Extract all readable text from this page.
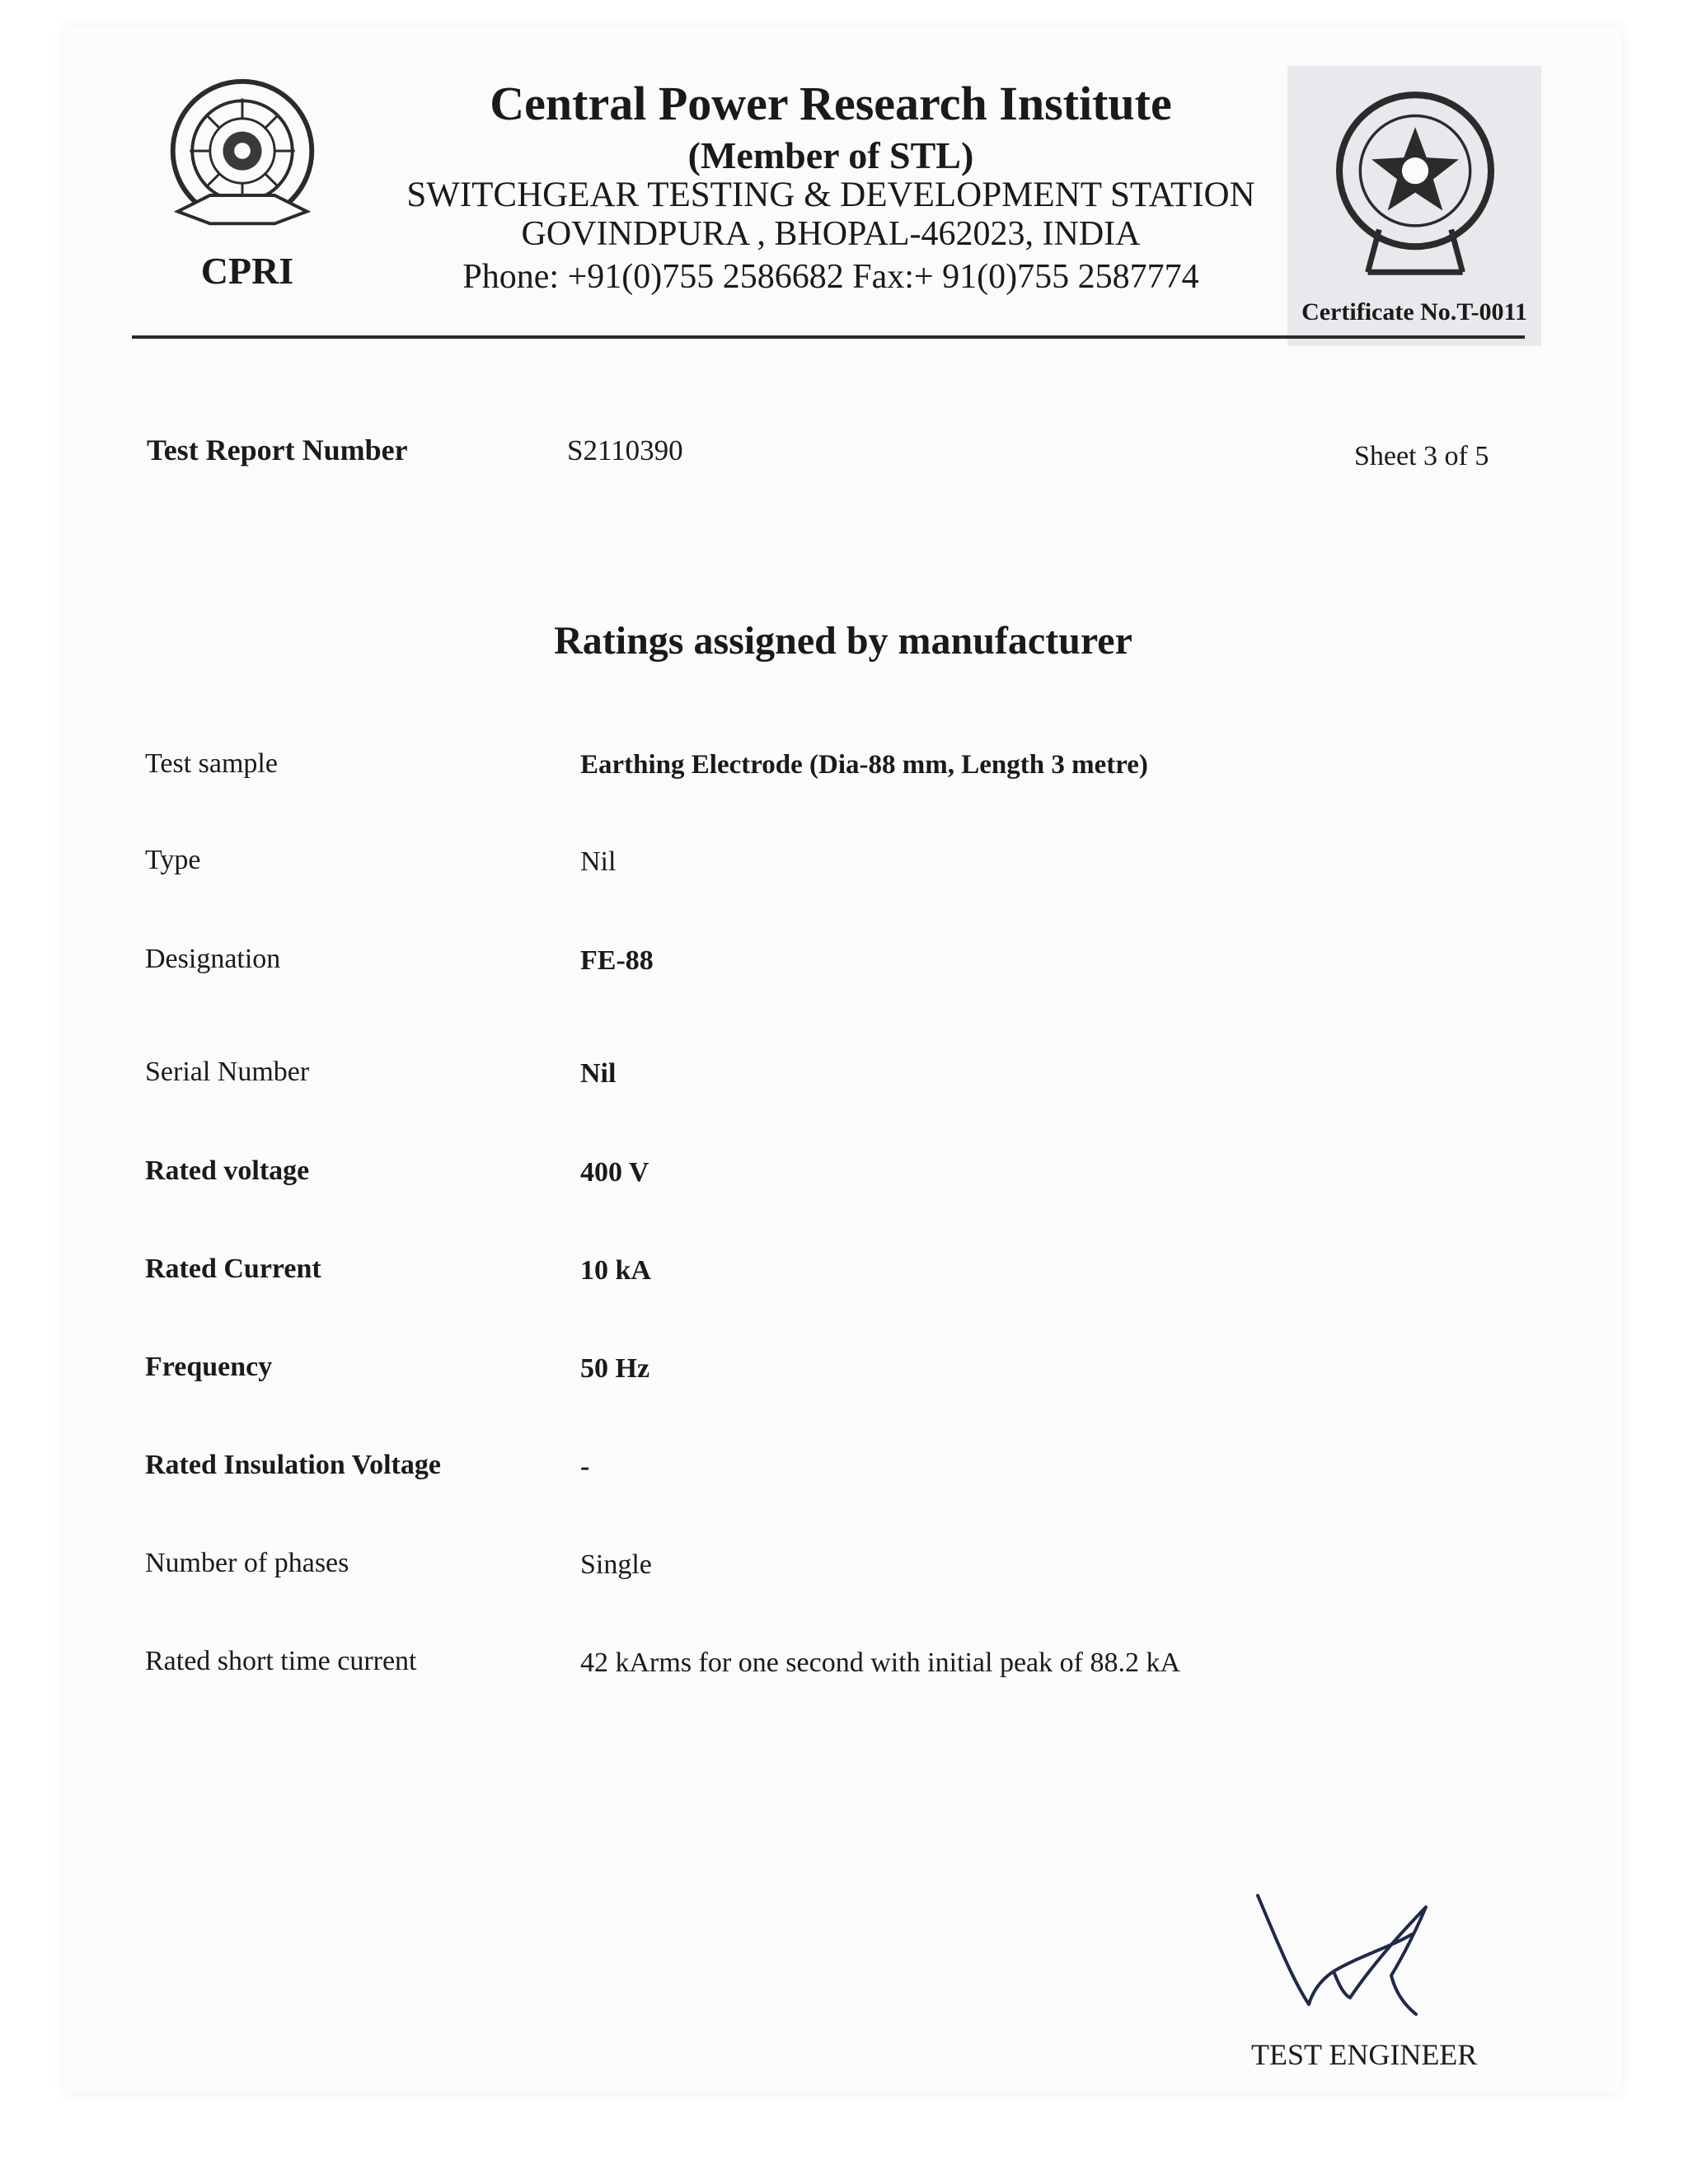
CPRI
Central Power Research Institute
(Member of STL)
SWITCHGEAR TESTING & DEVELOPMENT STATION
GOVINDPURA , BHOPAL-462023, INDIA
Phone: +91(0)755 2586682 Fax:+ 91(0)755 2587774
Certificate No.T-0011
Test Report Number	S2110390	Sheet 3 of 5
Ratings assigned by manufacturer
Test sample	Earthing Electrode (Dia-88 mm, Length 3 metre)
Type	Nil
Designation	FE-88
Serial Number	Nil
Rated voltage	400 V
Rated Current	10 kA
Frequency	50 Hz
Rated Insulation Voltage	-
Number of phases	Single
Rated short time current	42 kArms for one second with initial peak of 88.2 kA
TEST ENGINEER
